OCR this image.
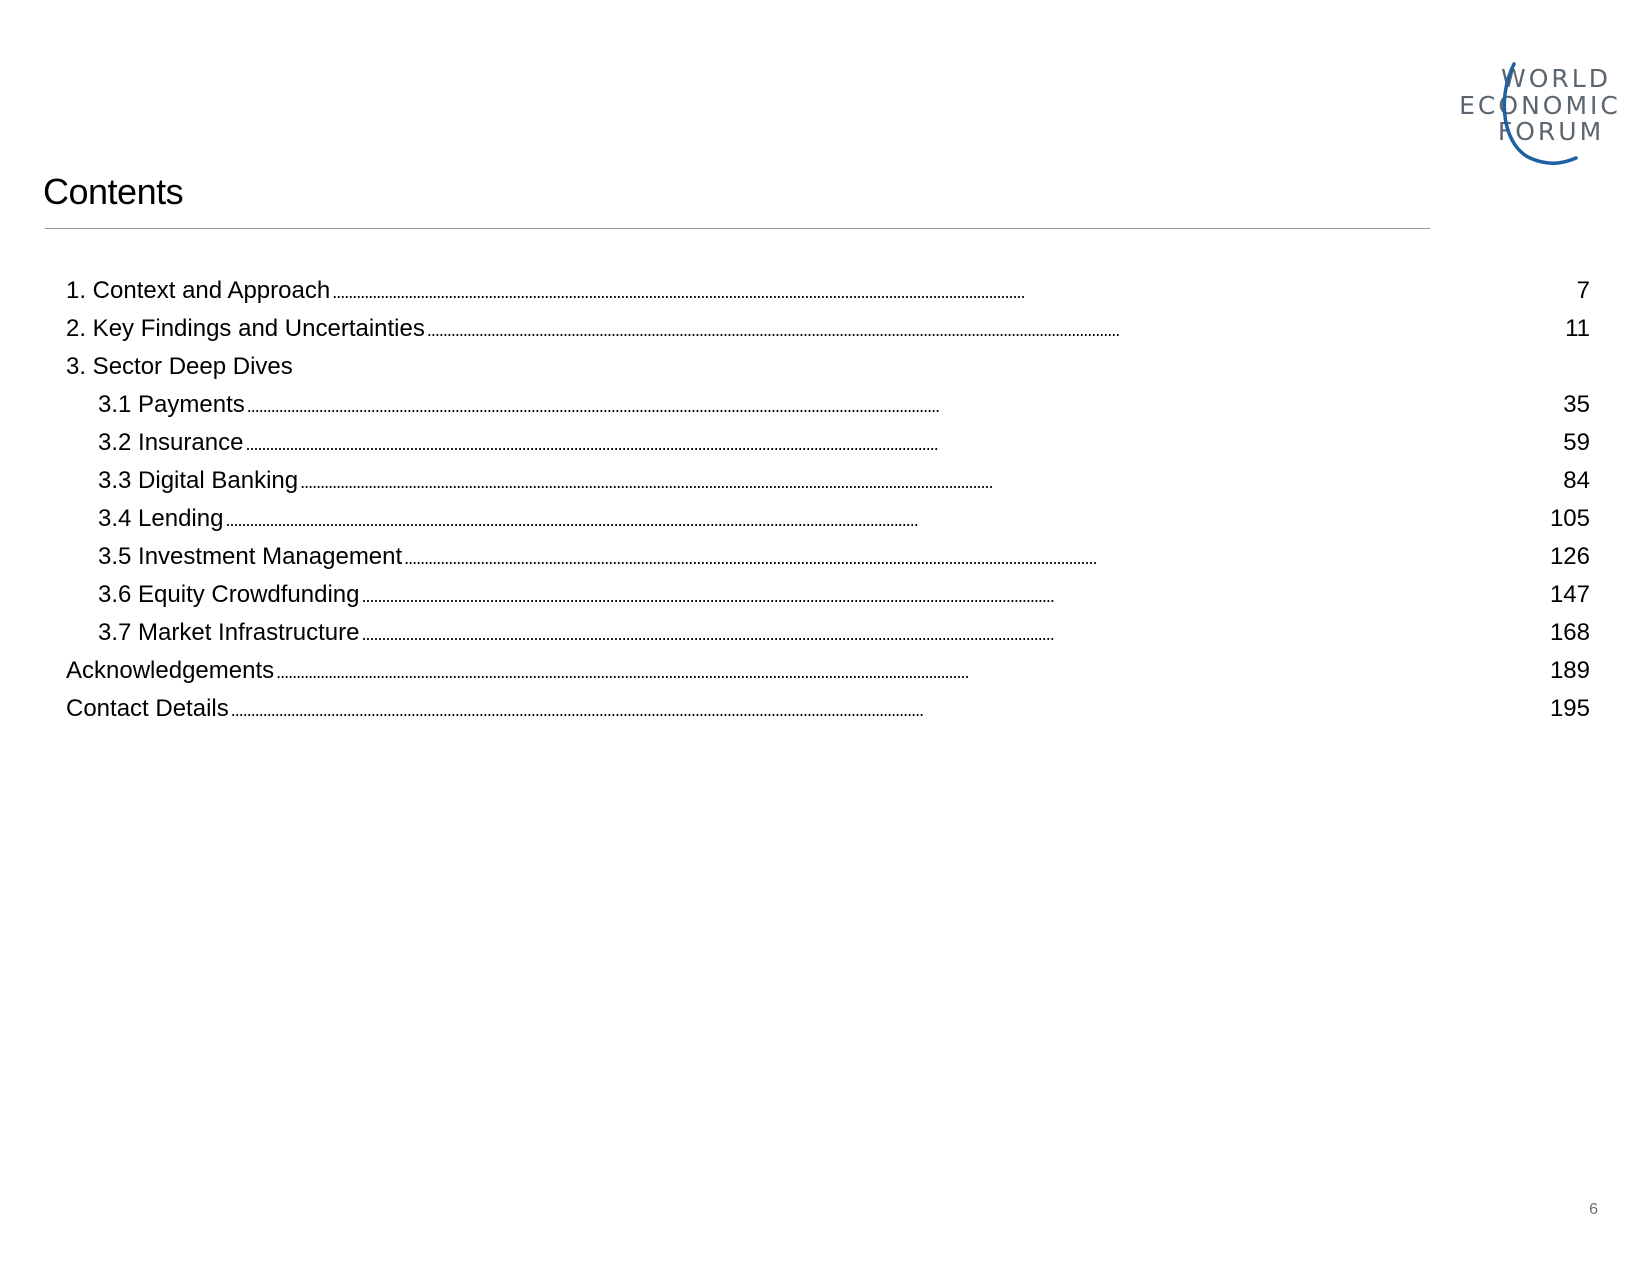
WORLD
ECONOMIC
FORUM
Contents
1. Context and Approach . . .	7
2. Key Findings and Uncertainties . . .	11
3. Sector Deep Dives
3.1 Payments . . .	35
3.2 Insurance . . .	59
3.3 Digital Banking . . .	84
3.4 Lending . . .	105
3.5 Investment Management . . .	126
3.6 Equity Crowdfunding . . .	147
3.7 Market Infrastructure . . .	168
Acknowledgements . . .	189
Contact Details . . .	195
6
